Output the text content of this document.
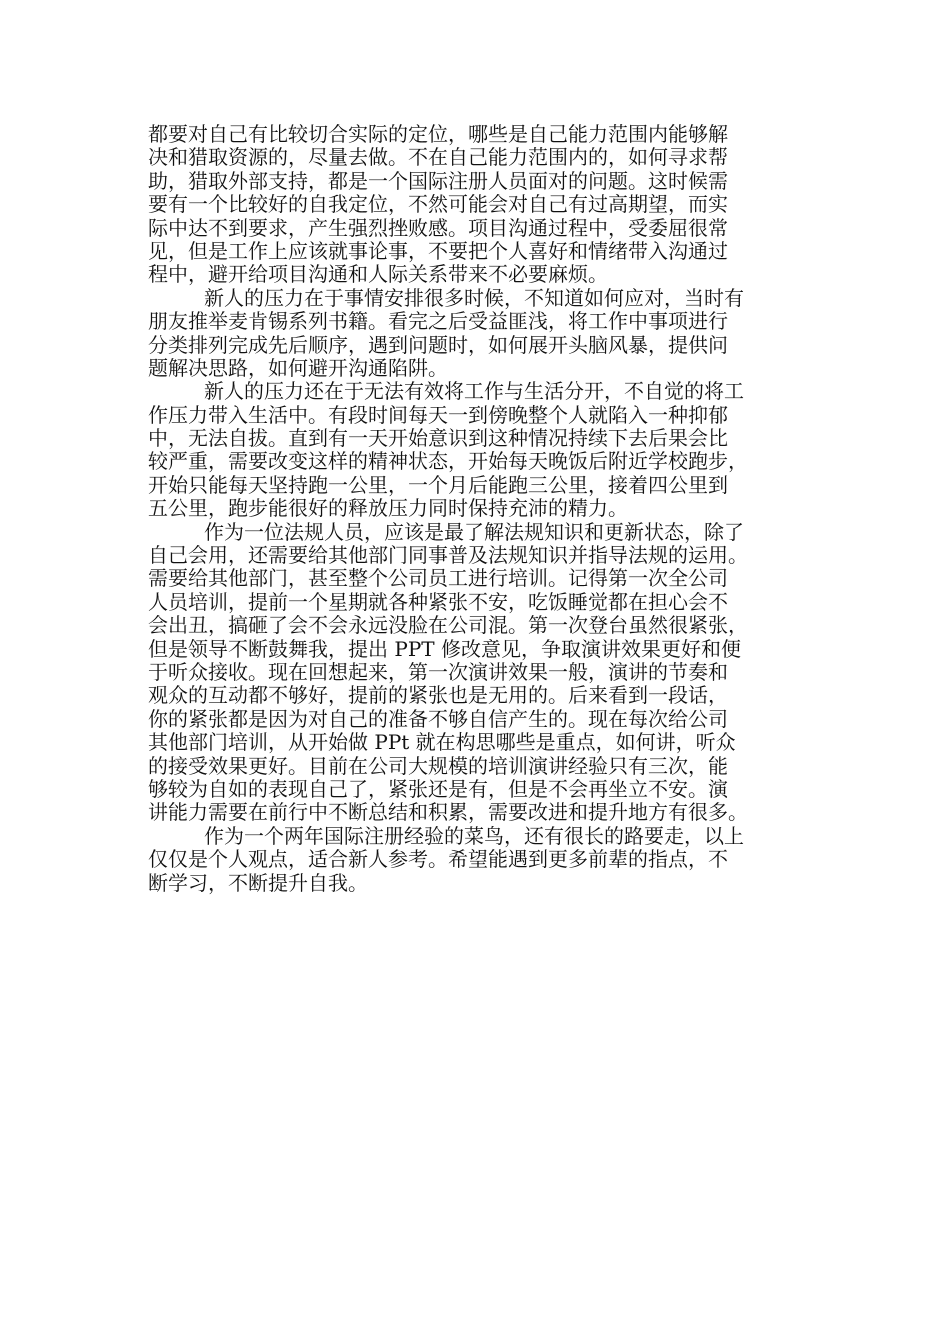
都要对自己有比较切合实际的定位，哪些是自己能力范围内能够解
决和猎取资源的，尽量去做。不在自己能力范围内的，如何寻求帮
助，猎取外部支持，都是一个国际注册人员面对的问题。这时候需
要有一个比较好的自我定位，不然可能会对自己有过高期望，而实
际中达不到要求，产生强烈挫败感。项目沟通过程中，受委屈很常
见，但是工作上应该就事论事，不要把个人喜好和情绪带入沟通过
程中，避开给项目沟通和人际关系带来不必要麻烦。
新人的压力在于事情安排很多时候，不知道如何应对，当时有
朋友推举麦肯锡系列书籍。看完之后受益匪浅，将工作中事项进行
分类排列完成先后顺序，遇到问题时，如何展开头脑风暴，提供问
题解决思路，如何避开沟通陷阱。
新人的压力还在于无法有效将工作与生活分开，不自觉的将工
作压力带入生活中。有段时间每天一到傍晚整个人就陷入一种抑郁
中，无法自拔。直到有一天开始意识到这种情况持续下去后果会比
较严重，需要改变这样的精神状态，开始每天晚饭后附近学校跑步，
开始只能每天坚持跑一公里，一个月后能跑三公里，接着四公里到
五公里，跑步能很好的释放压力同时保持充沛的精力。
作为一位法规人员，应该是最了解法规知识和更新状态，除了
自己会用，还需要给其他部门同事普及法规知识并指导法规的运用。
需要给其他部门，甚至整个公司员工进行培训。记得第一次全公司
人员培训，提前一个星期就各种紧张不安，吃饭睡觉都在担心会不
会出丑，搞砸了会不会永远没脸在公司混。第一次登台虽然很紧张，
但是领导不断鼓舞我，提出 PPT 修改意见，争取演讲效果更好和便
于听众接收。现在回想起来，第一次演讲效果一般，演讲的节奏和
观众的互动都不够好，提前的紧张也是无用的。后来看到一段话，
你的紧张都是因为对自己的准备不够自信产生的。现在每次给公司
其他部门培训，从开始做 PPt 就在构思哪些是重点，如何讲，听众
的接受效果更好。目前在公司大规模的培训演讲经验只有三次，能
够较为自如的表现自己了，紧张还是有，但是不会再坐立不安。演
讲能力需要在前行中不断总结和积累，需要改进和提升地方有很多。
作为一个两年国际注册经验的菜鸟，还有很长的路要走，以上
仅仅是个人观点，适合新人参考。希望能遇到更多前辈的指点，不
断学习，不断提升自我。
